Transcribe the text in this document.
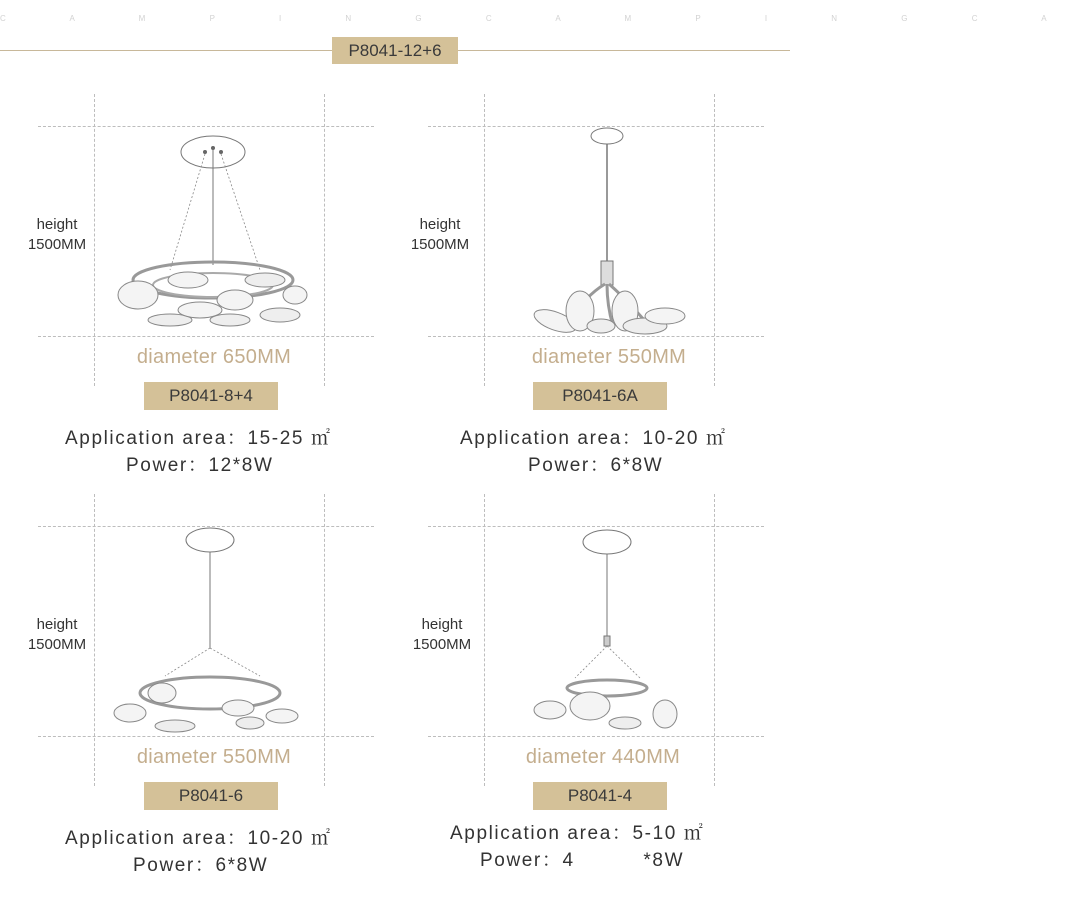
C A M P I N G C A M P I N G C A
P8041-12+6
height
1500MM
diameter 650MM
P8041-8+4
Application area：15-25 ㎡
Power：12*8W
height
1500MM
diameter 550MM
P8041-6A
Application area：10-20 ㎡
Power：6*8W
height
1500MM
diameter 550MM
P8041-6
Application area：10-20 ㎡
Power：6*8W
height
1500MM
diameter 440MM
P8041-4
Application area：5-10 ㎡
Power：4          *8W
